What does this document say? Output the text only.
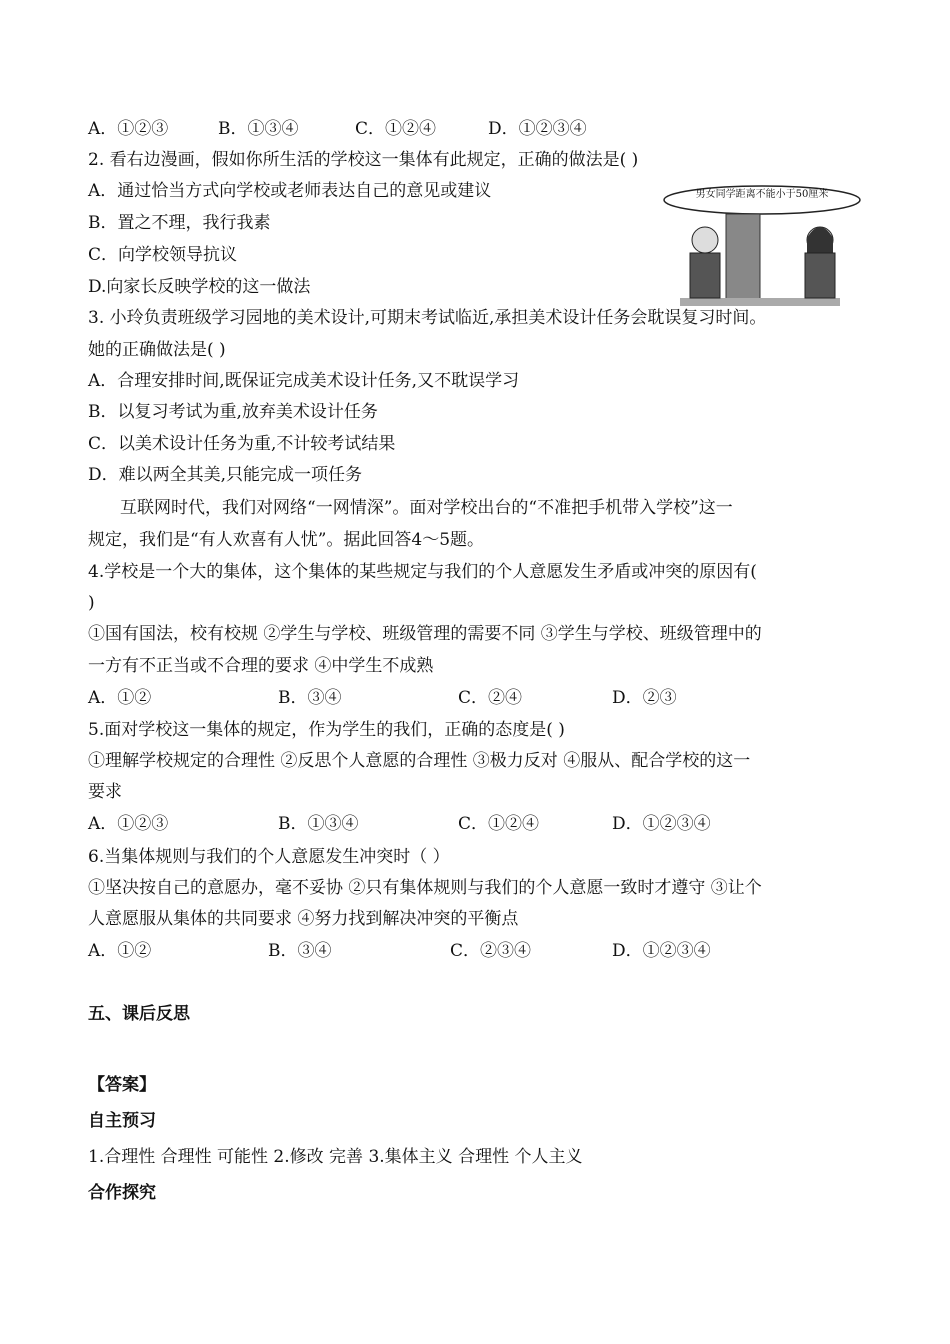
A．①②③	B．①③④	C．①②④	D．①②③④
2. 看右边漫画，假如你所生活的学校这一集体有此规定，正确的做法是( )
A．通过恰当方式向学校或老师表达自己的意见或建议
B．置之不理，我行我素
C．向学校领导抗议
D.向家长反映学校的这一做法
男女同学距离不能小于50厘米
3. 小玲负责班级学习园地的美术设计,可期末考试临近,承担美术设计任务会耽误复习时间。
她的正确做法是( )
A．合理安排时间,既保证完成美术设计任务,又不耽误学习
B．以复习考试为重,放弃美术设计任务
C．以美术设计任务为重,不计较考试结果
D．难以两全其美,只能完成一项任务
互联网时代，我们对网络“一网情深”。面对学校出台的“不准把手机带入学校”这一
规定，我们是“有人欢喜有人忧”。据此回答4～5题。
4.学校是一个大的集体，这个集体的某些规定与我们的个人意愿发生矛盾或冲突的原因有(
)
①国有国法，校有校规 ②学生与学校、班级管理的需要不同 ③学生与学校、班级管理中的
一方有不正当或不合理的要求 ④中学生不成熟
A．①②	B．③④	C．②④	D．②③
5.面对学校这一集体的规定，作为学生的我们，正确的态度是( )
①理解学校规定的合理性 ②反思个人意愿的合理性 ③极力反对 ④服从、配合学校的这一
要求
A．①②③	B．①③④	C．①②④	D．①②③④
6.当集体规则与我们的个人意愿发生冲突时（ ）
①坚决按自己的意愿办，毫不妥协 ②只有集体规则与我们的个人意愿一致时才遵守 ③让个
人意愿服从集体的共同要求 ④努力找到解决冲突的平衡点
A．①②	B．③④	C．②③④	D．①②③④
五、课后反思
【答案】
自主预习
1.合理性 合理性 可能性 2.修改 完善 3.集体主义 合理性 个人主义
合作探究
